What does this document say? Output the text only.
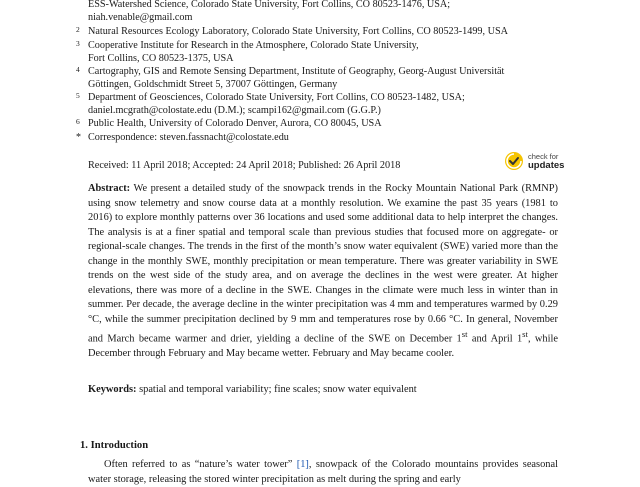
ESS-Watershed Science, Colorado State University, Fort Collins, CO 80523-1476, USA;
niah.venable@gmail.com
2 Natural Resources Ecology Laboratory, Colorado State University, Fort Collins, CO 80523-1499, USA
3 Cooperative Institute for Research in the Atmosphere, Colorado State University,
Fort Collins, CO 80523-1375, USA
4 Cartography, GIS and Remote Sensing Department, Institute of Geography, Georg-August Universität
Göttingen, Goldschmidt Street 5, 37007 Göttingen, Germany
5 Department of Geosciences, Colorado State University, Fort Collins, CO 80523-1482, USA;
daniel.mcgrath@colostate.edu (D.M.); scampi162@gmail.com (G.G.P.)
6 Public Health, University of Colorado Denver, Aurora, CO 80045, USA
* Correspondence: steven.fassnacht@colostate.edu
Received: 11 April 2018; Accepted: 24 April 2018; Published: 26 April 2018
check for
updates
Abstract: We present a detailed study of the snowpack trends in the Rocky Mountain National Park (RMNP) using snow telemetry and snow course data at a monthly resolution. We examine the past 35 years (1981 to 2016) to explore monthly patterns over 36 locations and used some additional data to help interpret the changes. The analysis is at a finer spatial and temporal scale than previous studies that focused more on aggregate- or regional-scale changes. The trends in the first of the month’s snow water equivalent (SWE) varied more than the change in the monthly SWE, monthly precipitation or mean temperature. There was greater variability in SWE trends on the west side of the study area, and on average the declines in the west were greater. At higher elevations, there was more of a decline in the SWE. Changes in the climate were much less in winter than in summer. Per decade, the average decline in the winter precipitation was 4 mm and temperatures warmed by 0.29 °C, while the summer precipitation declined by 9 mm and temperatures rose by 0.66 °C. In general, November and March became warmer and drier, yielding a decline of the SWE on December 1st and April 1st, while December through February and May became wetter. February and May became cooler.
Keywords: spatial and temporal variability; fine scales; snow water equivalent
1. Introduction
Often referred to as “nature’s water tower” [1], snowpack of the Colorado mountains provides seasonal water storage, releasing the stored winter precipitation as melt during the spring and early
